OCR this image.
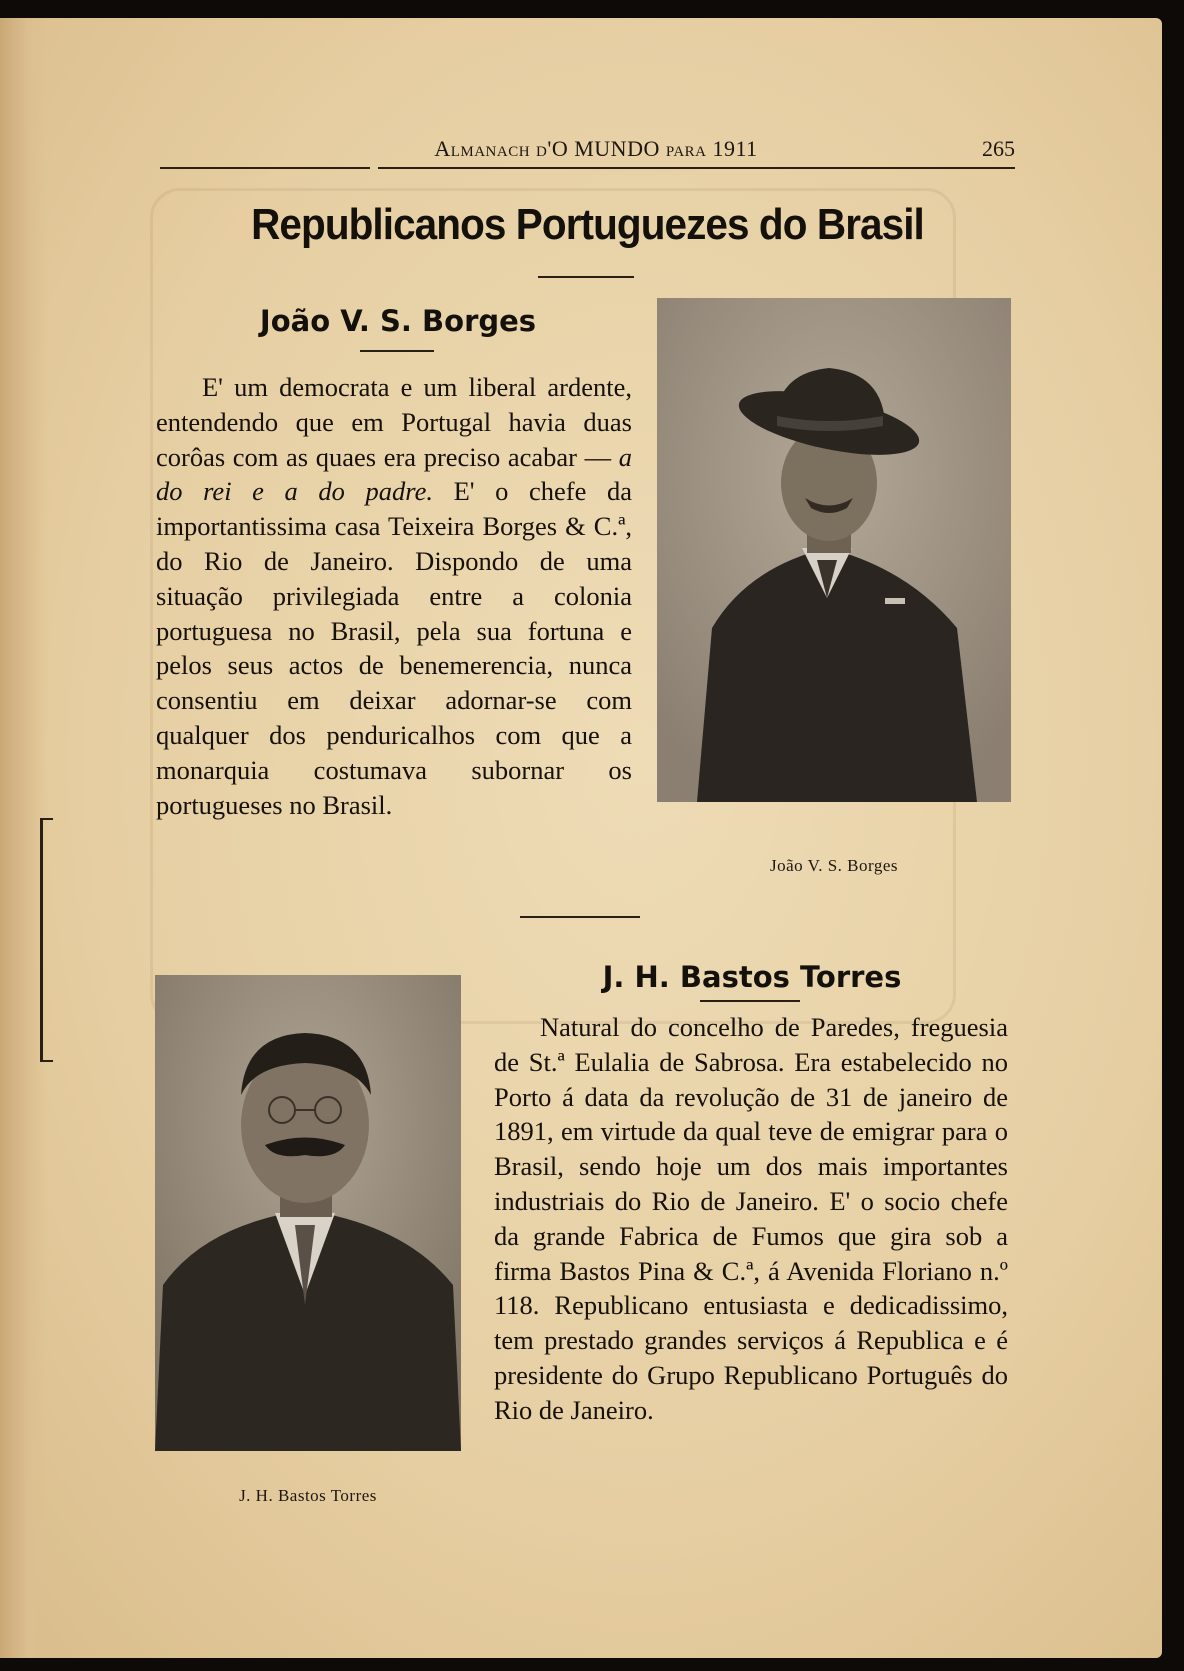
Almanach d'O MUNDO para 1911	265
Republicanos Portuguezes do Brasil
João V. S. Borges

E' um democrata e um liberal ardente, entendendo que em Portugal havia duas corôas com as quaes era preciso acabar — a do rei e a do padre. E' o chefe da importantissima casa Teixeira Borges & C.ª, do Rio de Janeiro. Dispondo de uma situação privilegiada entre a colonia portuguesa no Brasil, pela sua fortuna e pelos seus actos de benemerencia, nunca consentiu em deixar adornar-se com qualquer dos penduricalhos com que a monarquia costumava subornar os portugueses no Brasil.

João V. S. Borges
J. H. Bastos Torres
J. H. Bastos Torres

Natural do concelho de Paredes, freguesia de St.ª Eulalia de Sabrosa. Era estabelecido no Porto á data da revolução de 31 de janeiro de 1891, em virtude da qual teve de emigrar para o Brasil, sendo hoje um dos mais importantes industriais do Rio de Janeiro. E' o socio chefe da grande Fabrica de Fumos que gira sob a firma Bastos Pina & C.ª, á Avenida Floriano n.º 118. Republicano entusiasta e dedicadissimo, tem prestado grandes serviços á Republica e é presidente do Grupo Republicano Português do Rio de Janeiro.
